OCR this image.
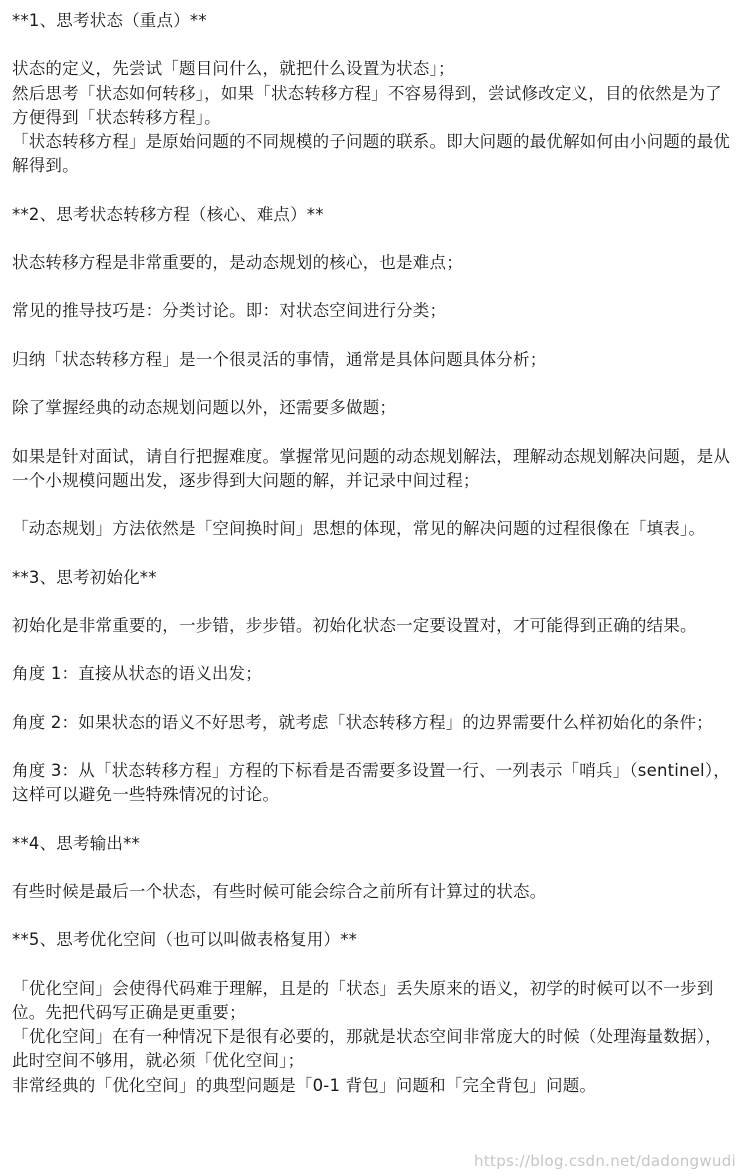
**1、思考状态（重点）**

状态的定义，先尝试「题目问什么，就把什么设置为状态」；

然后思考「状态如何转移」，如果「状态转移方程」不容易得到，尝试修改定义，目的依然是为了方便得到「状态转移方程」。

「状态转移方程」是原始问题的不同规模的子问题的联系。即大问题的最优解如何由小问题的最优解得到。

**2、思考状态转移方程（核心、难点）**

状态转移方程是非常重要的，是动态规划的核心，也是难点；

常见的推导技巧是：分类讨论。即：对状态空间进行分类；

归纳「状态转移方程」是一个很灵活的事情，通常是具体问题具体分析；

除了掌握经典的动态规划问题以外，还需要多做题；

如果是针对面试，请自行把握难度。掌握常见问题的动态规划解法，理解动态规划解决问题，是从一个小规模问题出发，逐步得到大问题的解，并记录中间过程；

「动态规划」方法依然是「空间换时间」思想的体现，常见的解决问题的过程很像在「填表」。

**3、思考初始化**

初始化是非常重要的，一步错，步步错。初始化状态一定要设置对，才可能得到正确的结果。

角度 1：直接从状态的语义出发；

角度 2：如果状态的语义不好思考，就考虑「状态转移方程」的边界需要什么样初始化的条件；

角度 3：从「状态转移方程」方程的下标看是否需要多设置一行、一列表示「哨兵」（sentinel），这样可以避免一些特殊情况的讨论。

**4、思考输出**

有些时候是最后一个状态，有些时候可能会综合之前所有计算过的状态。

**5、思考优化空间（也可以叫做表格复用）**

「优化空间」会使得代码难于理解，且是的「状态」丢失原来的语义，初学的时候可以不一步到位。先把代码写正确是更重要；

「优化空间」在有一种情况下是很有必要的，那就是状态空间非常庞大的时候（处理海量数据），此时空间不够用，就必须「优化空间」；

非常经典的「优化空间」的典型问题是「0-1 背包」问题和「完全背包」问题。

https://blog.csdn.net/dadongwudi
